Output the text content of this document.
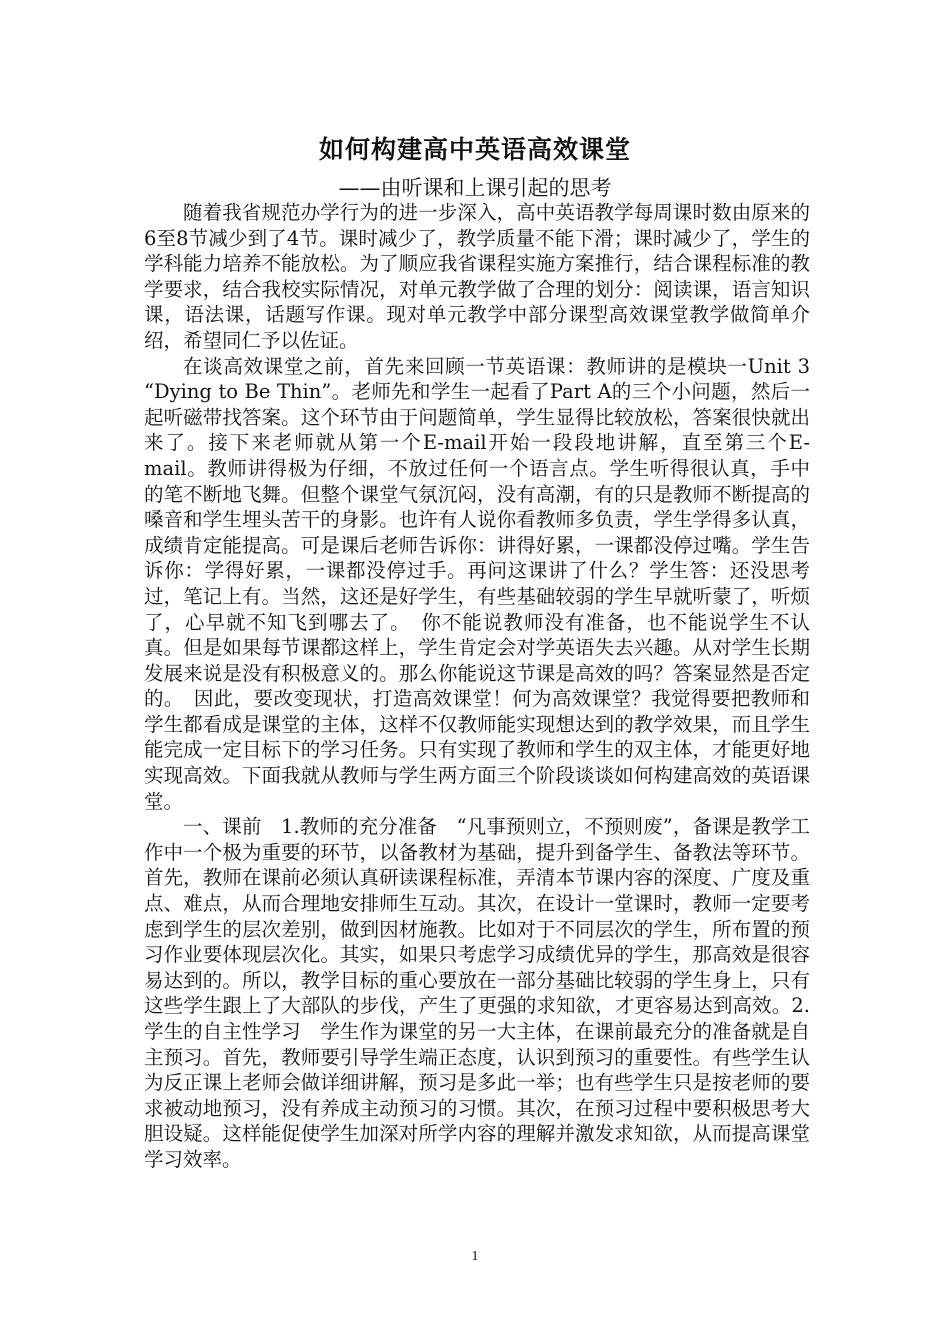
如何构建高中英语高效课堂
——由听课和上课引起的思考

随着我省规范办学行为的进一步深入，高中英语教学每周课时数由原来的6至8节减少到了4节。课时减少了，教学质量不能下滑；课时减少了，学生的学科能力培养不能放松。为了顺应我省课程实施方案推行，结合课程标准的教学要求，结合我校实际情况，对单元教学做了合理的划分：阅读课，语言知识课，语法课，话题写作课。现对单元教学中部分课型高效课堂教学做简单介绍，希望同仁予以佐证。

在谈高效课堂之前，首先来回顾一节英语课：教师讲的是模块一Unit 3 “Dying to Be Thin”。老师先和学生一起看了Part A的三个小问题，然后一起听磁带找答案。这个环节由于问题简单，学生显得比较放松，答案很快就出来了。接下来老师就从第一个E-mail开始一段段地讲解，直至第三个E-mail。教师讲得极为仔细，不放过任何一个语言点。学生听得很认真，手中的笔不断地飞舞。但整个课堂气氛沉闷，没有高潮，有的只是教师不断提高的嗓音和学生埋头苦干的身影。也许有人说你看教师多负责，学生学得多认真，成绩肯定能提高。可是课后老师告诉你：讲得好累，一课都没停过嘴。学生告诉你：学得好累，一课都没停过手。再问这课讲了什么？学生答：还没思考过，笔记上有。当然，这还是好学生，有些基础较弱的学生早就听蒙了，听烦了，心早就不知飞到哪去了。　你不能说教师没有准备，也不能说学生不认真。但是如果每节课都这样上，学生肯定会对学英语失去兴趣。从对学生长期发展来说是没有积极意义的。那么你能说这节课是高效的吗？答案显然是否定的。　因此，要改变现状，打造高效课堂！何为高效课堂？我觉得要把教师和学生都看成是课堂的主体，这样不仅教师能实现想达到的教学效果，而且学生能完成一定目标下的学习任务。只有实现了教师和学生的双主体，才能更好地实现高效。下面我就从教师与学生两方面三个阶段谈谈如何构建高效的英语课堂。

一、课前　1.教师的充分准备　“凡事预则立，不预则废”，备课是教学工作中一个极为重要的环节，以备教材为基础，提升到备学生、备教法等环节。首先，教师在课前必须认真研读课程标准，弄清本节课内容的深度、广度及重点、难点，从而合理地安排师生互动。其次，在设计一堂课时，教师一定要考虑到学生的层次差别，做到因材施教。比如对于不同层次的学生，所布置的预习作业要体现层次化。其实，如果只考虑学习成绩优异的学生，那高效是很容易达到的。所以，教学目标的重心要放在一部分基础比较弱的学生身上，只有这些学生跟上了大部队的步伐，产生了更强的求知欲，才更容易达到高效。2.学生的自主性学习　学生作为课堂的另一大主体，在课前最充分的准备就是自主预习。首先，教师要引导学生端正态度，认识到预习的重要性。有些学生认为反正课上老师会做详细讲解，预习是多此一举；也有些学生只是按老师的要求被动地预习，没有养成主动预习的习惯。其次，在预习过程中要积极思考大胆设疑。这样能促使学生加深对所学内容的理解并激发求知欲，从而提高课堂学习效率。

1
